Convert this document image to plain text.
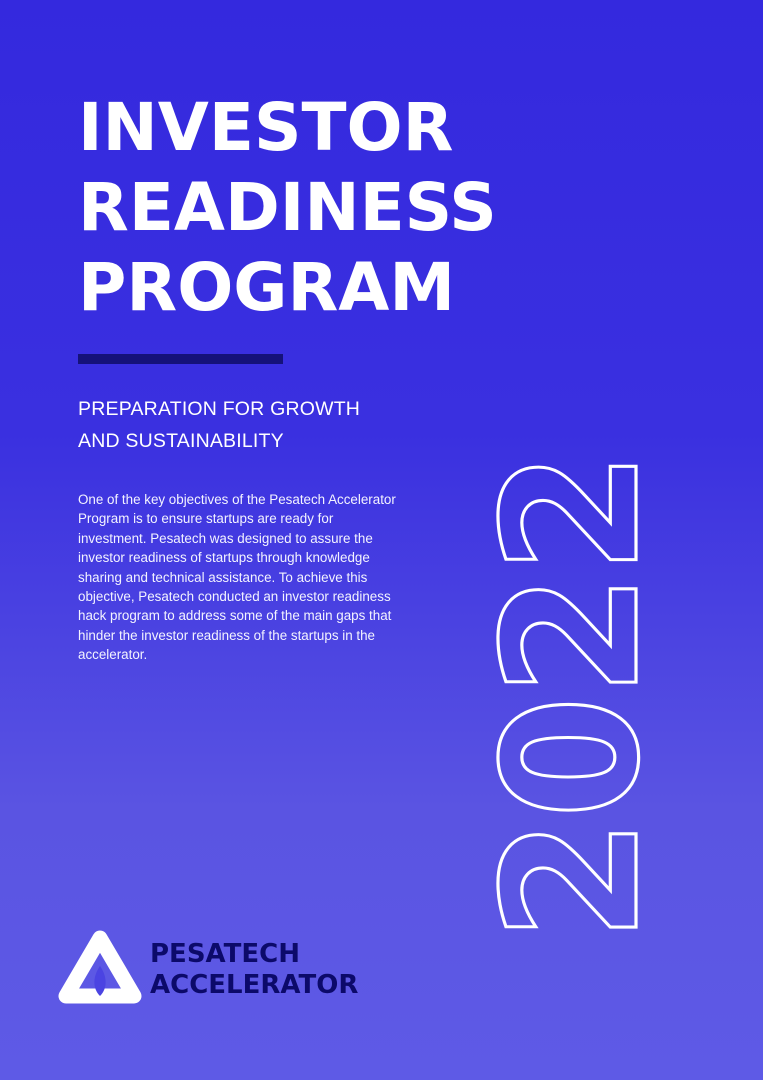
INVESTOR
READINESS
PROGRAM
PREPARATION FOR GROWTH
AND SUSTAINABILITY

One of the key objectives of the Pesatech Accelerator Program is to ensure startups are ready for investment. Pesatech was designed to assure the investor readiness of startups through knowledge sharing and technical assistance. To achieve this objective, Pesatech conducted an investor readiness hack program to address some of the main gaps that hinder the investor readiness of the startups in the accelerator.	2022
PESATECH
ACCELERATOR
